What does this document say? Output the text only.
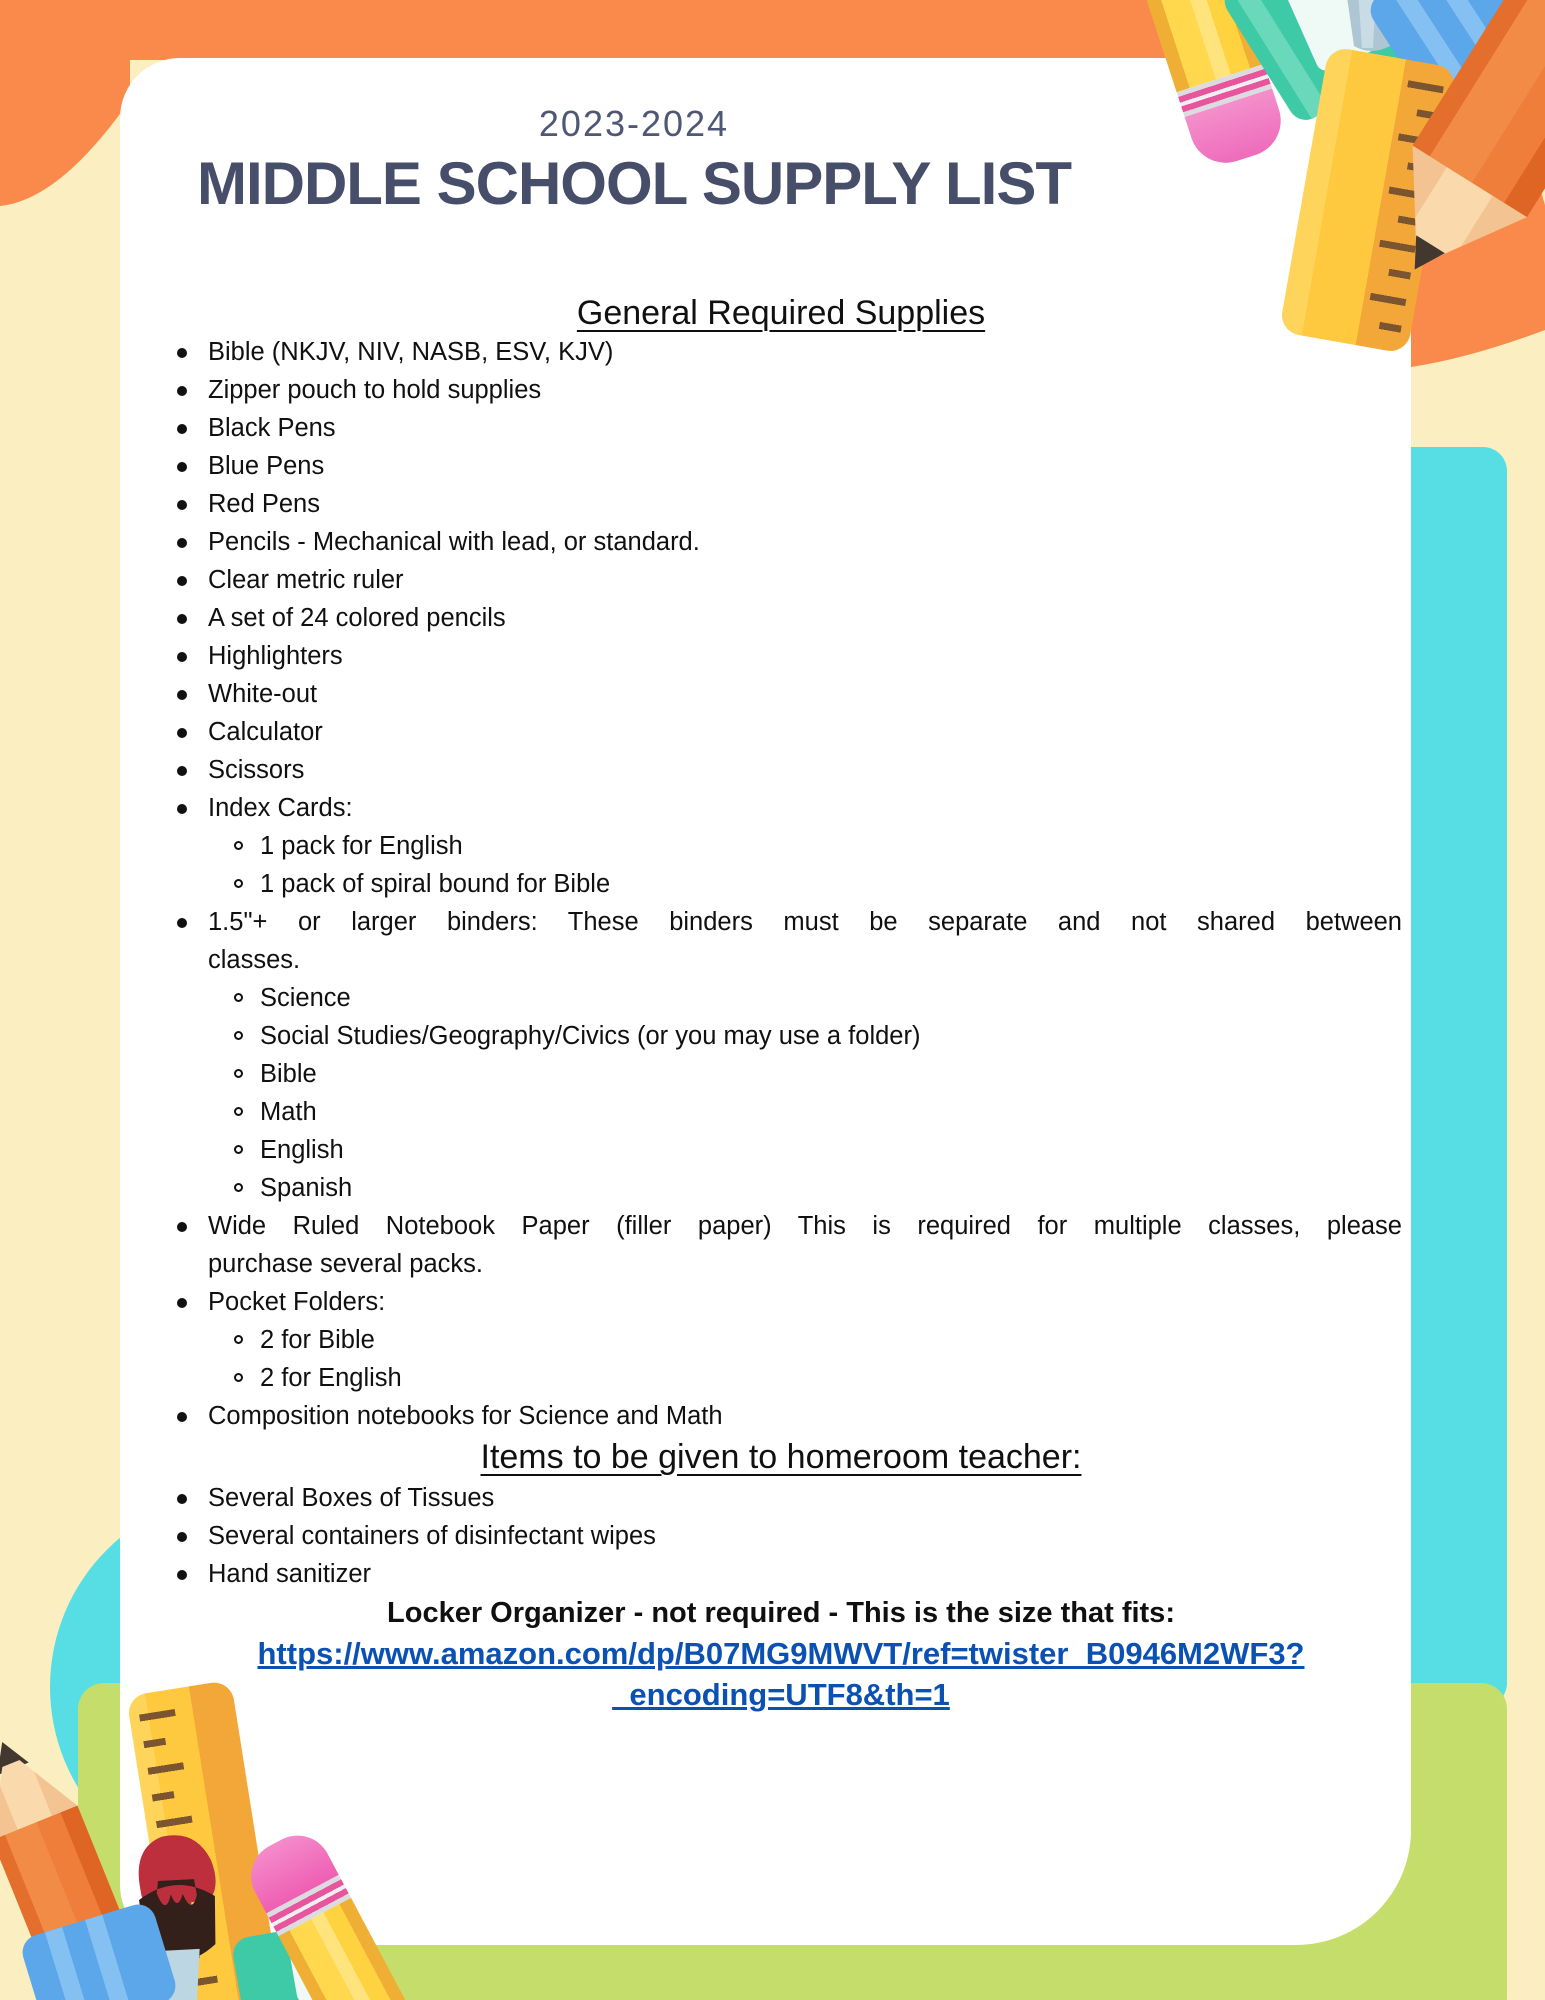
2023-2024
MIDDLE SCHOOL SUPPLY LIST
General Required Supplies
Bible (NKJV, NIV, NASB, ESV, KJV)
Zipper pouch to hold supplies
Black Pens
Blue Pens
Red Pens
Pencils - Mechanical with lead, or standard.
Clear metric ruler
A set of 24 colored pencils
Highlighters
White-out
Calculator
Scissors
Index Cards:
1 pack for English
1 pack of spiral bound for Bible
1.5"+ or larger binders: These binders must be separate and not shared between
classes.
Science
Social Studies/Geography/Civics (or you may use a folder)
Bible
Math
English
Spanish
Wide Ruled Notebook Paper (filler paper) This is required for multiple classes, please
purchase several packs.
Pocket Folders:
2 for Bible
2 for English
Composition notebooks for Science and Math
Items to be given to homeroom teacher:
Several Boxes of Tissues
Several containers of disinfectant wipes
Hand sanitizer
Locker Organizer - not required - This is the size that fits:
https://www.amazon.com/dp/B07MG9MWVT/ref=twister_B0946M2WF3?
_encoding=UTF8&th=1
